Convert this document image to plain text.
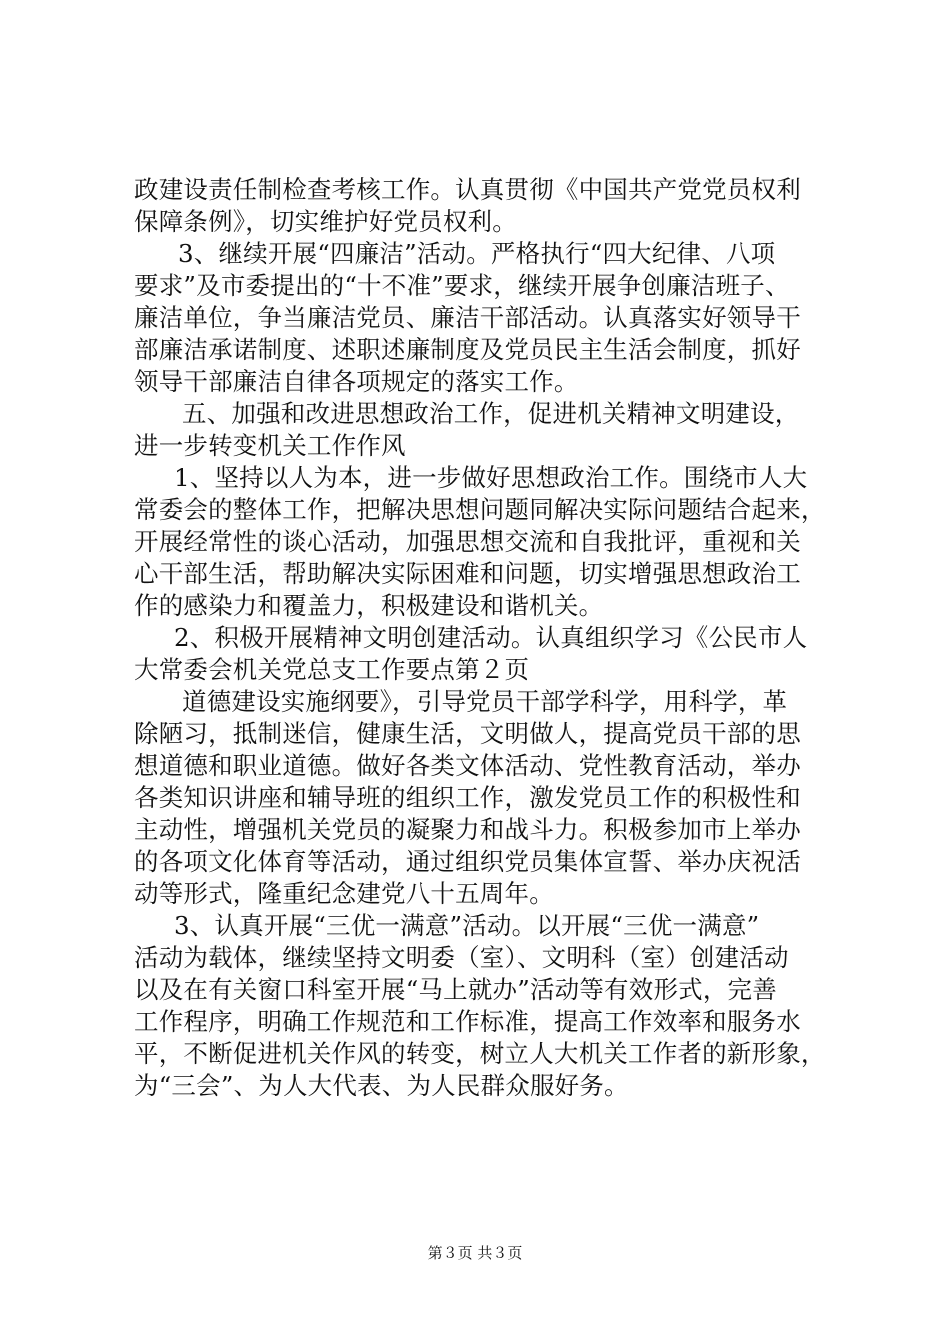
政建设责任制检查考核工作。认真贯彻《中国共产党党员权利
保障条例》，切实维护好党员权利。
3、继续开展“四廉洁”活动。严格执行“四大纪律、八项
要求”及市委提出的“十不准”要求，继续开展争创廉洁班子、
廉洁单位，争当廉洁党员、廉洁干部活动。认真落实好领导干
部廉洁承诺制度、述职述廉制度及党员民主生活会制度，抓好
领导干部廉洁自律各项规定的落实工作。
五、加强和改进思想政治工作，促进机关精神文明建设，
进一步转变机关工作作风
1、坚持以人为本，进一步做好思想政治工作。围绕市人大
常委会的整体工作，把解决思想问题同解决实际问题结合起来，
开展经常性的谈心活动，加强思想交流和自我批评，重视和关
心干部生活，帮助解决实际困难和问题，切实增强思想政治工
作的感染力和覆盖力，积极建设和谐机关。
2、积极开展精神文明创建活动。认真组织学习《公民市人
大常委会机关党总支工作要点第２页
道德建设实施纲要》，引导党员干部学科学，用科学，革
除陋习，抵制迷信，健康生活，文明做人，提高党员干部的思
想道德和职业道德。做好各类文体活动、党性教育活动，举办
各类知识讲座和辅导班的组织工作，激发党员工作的积极性和
主动性，增强机关党员的凝聚力和战斗力。积极参加市上举办
的各项文化体育等活动，通过组织党员集体宣誓、举办庆祝活
动等形式，隆重纪念建党八十五周年。
3、认真开展“三优一满意”活动。以开展“三优一满意”
活动为载体，继续坚持文明委（室）、文明科（室）创建活动
以及在有关窗口科室开展“马上就办”活动等有效形式，完善
工作程序，明确工作规范和工作标准，提高工作效率和服务水
平，不断促进机关作风的转变，树立人大机关工作者的新形象，
为“三会”、为人大代表、为人民群众服好务。
第３页 共３页
